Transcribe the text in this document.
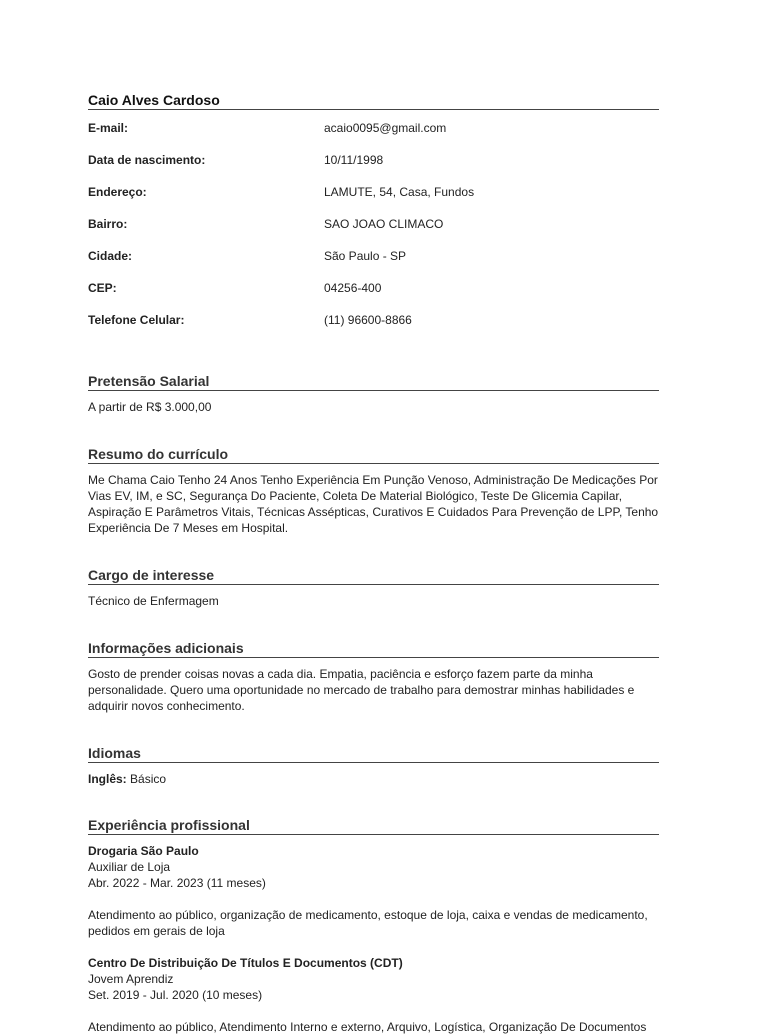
Caio Alves Cardoso
E-mail:	acaio0095@gmail.com
Data de nascimento:	10/11/1998
Endereço:	LAMUTE, 54, Casa, Fundos
Bairro:	SAO JOAO CLIMACO
Cidade:	São Paulo - SP
CEP:	04256-400
Telefone Celular:	(11) 96600-8866
Pretensão Salarial

A partir de R$ 3.000,00

Resumo do currículo

Me Chama Caio Tenho 24 Anos Tenho Experiência Em Punção Venoso, Administração De Medicações Por Vias EV, IM, e SC, Segurança Do Paciente, Coleta De Material Biológico, Teste De Glicemia Capilar, Aspiração E Parâmetros Vitais, Técnicas Assépticas, Curativos E Cuidados Para Prevenção de LPP, Tenho Experiência De 7 Meses em Hospital.

Cargo de interesse

Técnico de Enfermagem

Informações adicionais

Gosto de prender coisas novas a cada dia. Empatia, paciência e esforço fazem parte da minha personalidade. Quero uma oportunidade no mercado de trabalho para demostrar minhas habilidades e adquirir novos conhecimento.

Idiomas

Inglês: Básico

Experiência profissional

Drogaria São Paulo

Auxiliar de Loja

Abr. 2022 - Mar. 2023 (11 meses)

Atendimento ao público, organização de medicamento, estoque de loja, caixa e vendas de medicamento, pedidos em gerais de loja

Centro De Distribuição De Títulos E Documentos (CDT)

Jovem Aprendiz

Set. 2019 - Jul. 2020 (10 meses)

Atendimento ao público, Atendimento Interno e externo, Arquivo, Logística, Organização De Documentos
